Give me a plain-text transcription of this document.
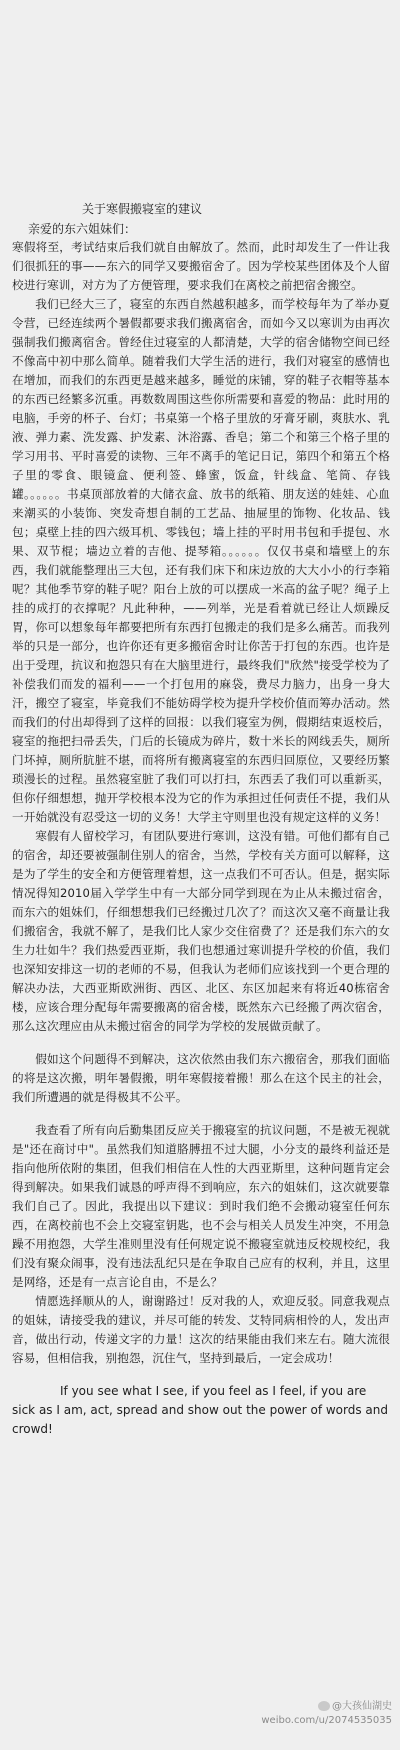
关于寒假搬寝室的建议

亲爱的东六姐妹们：

寒假将至，考试结束后我们就自由解放了。然而，此时却发生了一件让我们很抓狂的事——东六的同学又要搬宿舍了。因为学校某些团体及个人留校进行寒训，对方为了方便管理，要求我们在离校之前把宿舍搬空。

我们已经大三了，寝室的东西自然越积越多，而学校每年为了举办夏令营，已经连续两个暑假都要求我们搬离宿舍，而如今又以寒训为由再次强制我们搬离宿舍。曾经住过寝室的人都清楚，大学的宿舍储物空间已经不像高中初中那么简单。随着我们大学生活的进行，我们对寝室的感情也在增加，而我们的东西更是越来越多，睡觉的床铺，穿的鞋子衣帽等基本的东西已经繁多沉重。再数数周围这些你所需要和喜爱的物品：此时用的电脑，手旁的杯子、台灯；书桌第一个格子里放的牙膏牙刷，爽肤水、乳液、弹力素、洗发露、护发素、沐浴露、香皂；第二个和第三个格子里的学习用书、平时喜爱的读物、三年不离手的笔记日记，第四个和第五个格子里的零食、眼镜盒、便利签、蜂蜜，饭盒，针线盒、笔筒、存钱罐。。。。。。书桌顶部放着的大储衣盒、放书的纸箱、朋友送的娃娃、心血来潮买的小装饰、突发奇想自制的工艺品、抽屉里的饰物、化妆品、钱包；桌壁上挂的四六级耳机、零钱包；墙上挂的平时用书包和手提包、水果、双节棍；墙边立着的吉他、提琴箱。。。。。。仅仅书桌和墙壁上的东西，我们就能整理出三大包，还有我们床下和床边放的大大小小的行李箱呢？其他季节穿的鞋子呢？阳台上放的可以摆成一米高的盆子呢？绳子上挂的成打的衣撑呢？凡此种种，——列举，光是看着就已经让人烦躁反胃，你可以想象每年都要把所有东西打包搬走的我们是多么痛苦。而我列举的只是一部分，也许你还有更多搬宿舍时让你苦于打包的东西。也许是出于受理，抗议和抱怨只有在大脑里进行，最终我们"欣然"接受学校为了补偿我们而发的福利——一个打包用的麻袋，费尽力脑力，出身一身大汗，搬空了寝室，毕竟我们不能妨碍学校为提升学校价值而筹办活动。然而我们的付出却得到了这样的回报：以我们寝室为例，假期结束返校后，寝室的拖把扫帚丢失，门后的长镜成为碎片，数十米长的网线丢失，厕所门坏掉，厕所肮脏不堪，而将所有搬离寝室的东西归回原位，又要经历繁琐漫长的过程。虽然寝室脏了我们可以打扫，东西丢了我们可以重新买，但你仔细想想，抛开学校根本没为它的作为承担过任何责任不提，我们从一开始就没有忍受这一切的义务！大学主守则里也没有规定这样的义务！

寒假有人留校学习，有团队要进行寒训，这没有错。可他们都有自己的宿舍，却还要被强制住别人的宿舍，当然，学校有关方面可以解释，这是为了学生的安全和方便管理着想，这一点我们不可否认。但是，据实际情况得知2010届入学学生中有一大部分同学到现在为止从未搬过宿舍，而东六的姐妹们，仔细想想我们已经搬过几次了？而这次又毫不商量让我们搬宿舍，我就不解了，是我们比人家少交住宿费了？还是我们东六的女生力壮如牛？我们热爱西亚斯，我们也想通过寒训提升学校的价值，我们也深知安排这一切的老师的不易，但我认为老师们应该找到一个更合理的解决办法，大西亚斯欧洲街、西区、北区、东区加起来有将近40栋宿舍楼，应该合理分配每年需要搬离的宿舍楼，既然东六已经搬了两次宿舍，那么这次理应由从未搬过宿舍的同学为学校的发展做贡献了。

假如这个问题得不到解决，这次依然由我们东六搬宿舍，那我们面临的将是这次搬，明年暑假搬，明年寒假接着搬！那么在这个民主的社会，我们所遭遇的就是得极其不公平。

我查看了所有向后勤集团反应关于搬寝室的抗议问题，不是被无视就是"还在商讨中"。虽然我们知道胳膊扭不过大腿，小分支的最终利益还是指向他所依附的集团，但我们相信在人性的大西亚斯里，这种问题肯定会得到解决。如果我们诚恳的呼声得不到响应，东六的姐妹们，这次就要靠我们自己了。因此，我提出以下建议：到时我们绝不会搬动寝室任何东西，在离校前也不会上交寝室钥匙，也不会与相关人员发生冲突，不用急躁不用抱怨，大学生准则里没有任何规定说不搬寝室就违反校规校纪，我们没有聚众闹事，没有违法乱纪只是在争取自己应有的权利，并且，这里是网络，还是有一点言论自由，不是么？

情愿选择顺从的人，谢谢路过！反对我的人，欢迎反驳。同意我观点的姐妹，请接受我的建议，并尽可能的转发、艾特同病相怜的人，发出声音，做出行动，传递文字的力量！这次的结果能由我们来左右。随大流很容易，但相信我，别抱怨，沉住气，坚持到最后，一定会成功！

If you see what I see, if you feel as I feel, if you are sick as I am, act, spread and show out the power of words and crowd!

@大孩仙湖史
weibo.com/u/2074535035
